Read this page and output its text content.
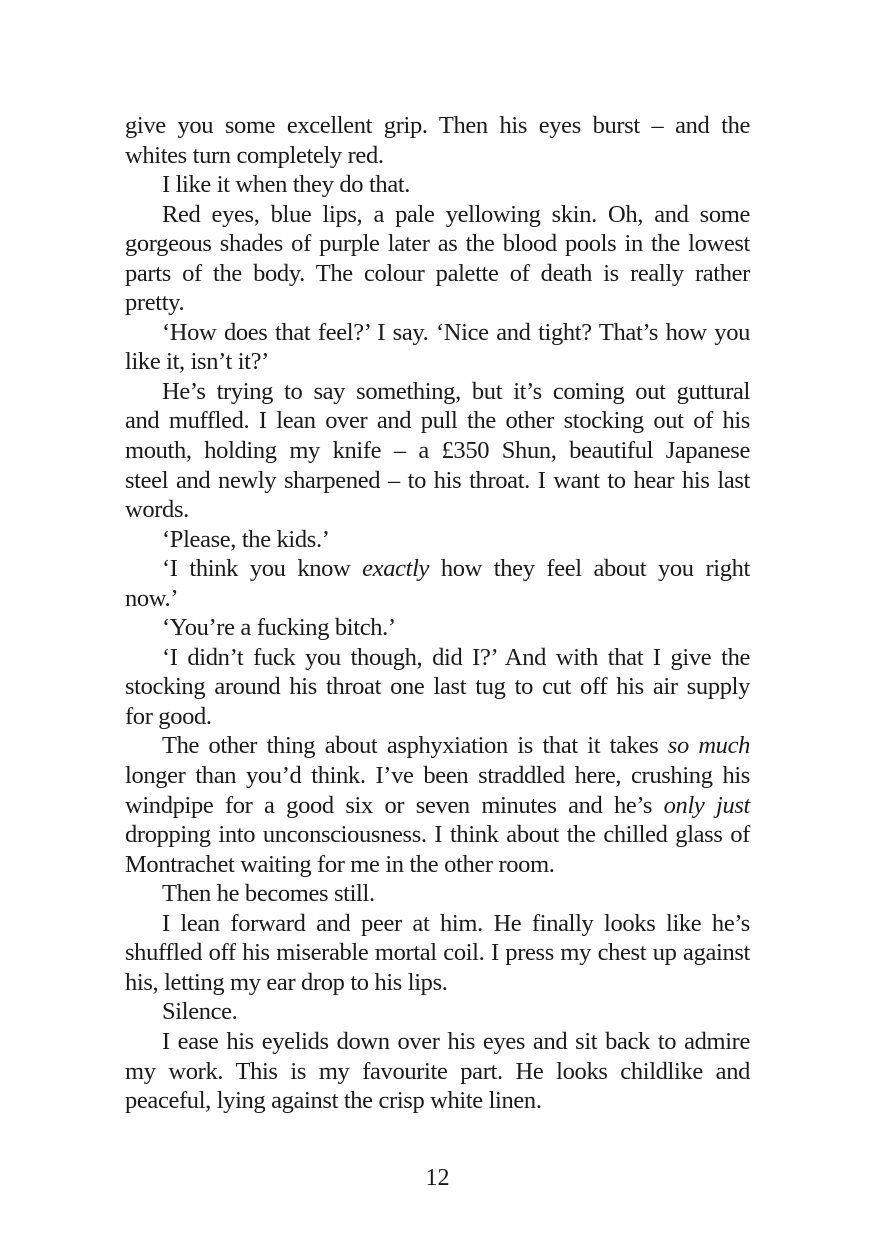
give you some excellent grip. Then his eyes burst – and the
whites turn completely red.
I like it when they do that.
Red eyes, blue lips, a pale yellowing skin. Oh, and some
gorgeous shades of purple later as the blood pools in the lowest
parts of the body. The colour palette of death is really rather
pretty.
‘How does that feel?’ I say. ‘Nice and tight? That’s how you
like it, isn’t it?’
He’s trying to say something, but it’s coming out guttural
and muffled. I lean over and pull the other stocking out of his
mouth, holding my knife – a £350 Shun, beautiful Japanese
steel and newly sharpened – to his throat. I want to hear his last
words.
‘Please, the kids.’
‘I think you know exactly how they feel about you right
now.’
‘You’re a fucking bitch.’
‘I didn’t fuck you though, did I?’ And with that I give the
stocking around his throat one last tug to cut off his air supply
for good.
The other thing about asphyxiation is that it takes so much
longer than you’d think. I’ve been straddled here, crushing his
windpipe for a good six or seven minutes and he’s only just
dropping into unconsciousness. I think about the chilled glass of
Montrachet waiting for me in the other room.
Then he becomes still.
I lean forward and peer at him. He finally looks like he’s
shuffled off his miserable mortal coil. I press my chest up against
his, letting my ear drop to his lips.
Silence.
I ease his eyelids down over his eyes and sit back to admire
my work. This is my favourite part. He looks childlike and
peaceful, lying against the crisp white linen.
12
